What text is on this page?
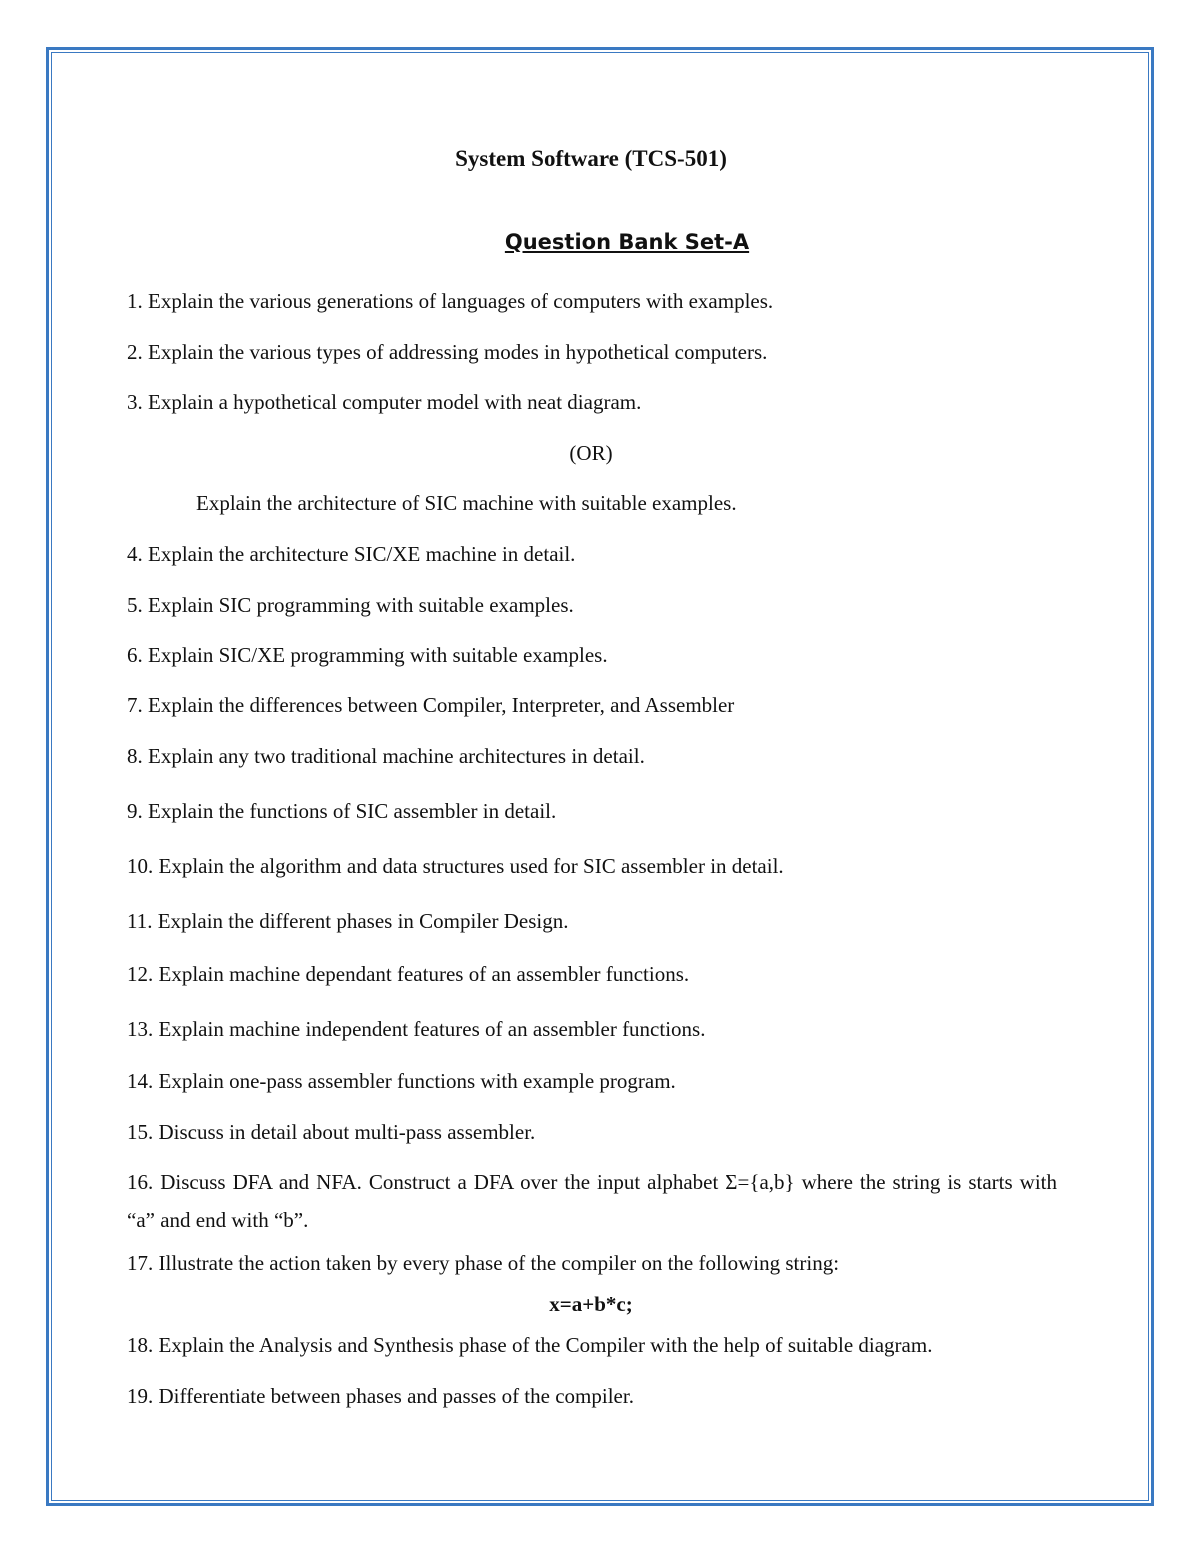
System Software (TCS-501)
Question Bank Set-A
1. Explain the various generations of languages of computers with examples.
2. Explain the various types of addressing modes in hypothetical computers.
3. Explain a hypothetical computer model with neat diagram.
(OR)
Explain the architecture of SIC machine with suitable examples.
4. Explain the architecture SIC/XE machine in detail.
5. Explain SIC programming with suitable examples.
6. Explain SIC/XE programming with suitable examples.
7. Explain the differences between Compiler, Interpreter, and Assembler
8. Explain any two traditional machine architectures in detail.
9. Explain the functions of SIC assembler in detail.
10. Explain the algorithm and data structures used for SIC assembler in detail.
11. Explain the different phases in Compiler Design.
12. Explain machine dependant features of an assembler functions.
13. Explain machine independent features of an assembler functions.
14. Explain one-pass assembler functions with example program.
15. Discuss in detail about multi-pass assembler.
16. Discuss DFA and NFA. Construct a DFA over the input alphabet Σ={a,b} where the string is starts with “a” and end with “b”.
17. Illustrate the action taken by every phase of the compiler on the following string:
x=a+b*c;
18. Explain the Analysis and Synthesis phase of the Compiler with the help of suitable diagram.
19. Differentiate between phases and passes of the compiler.
